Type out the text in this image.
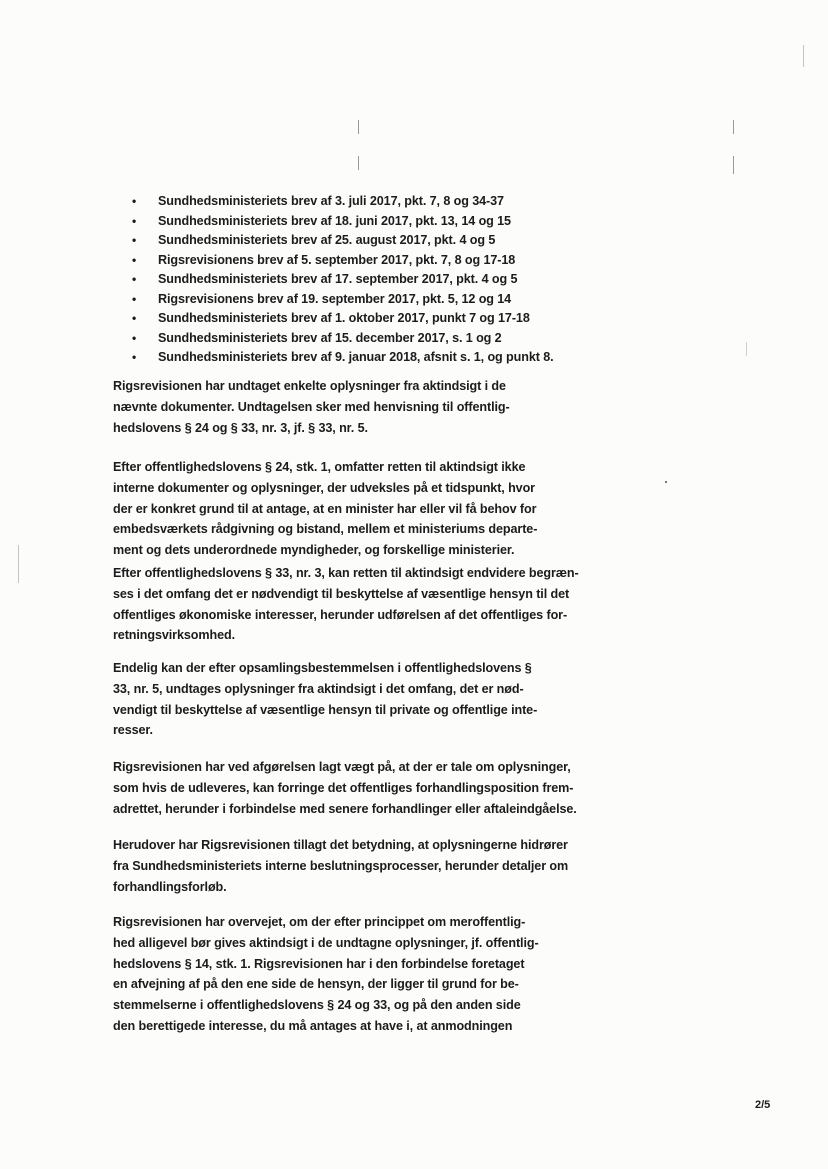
• Sundhedsministeriets brev af 3. juli 2017, pkt. 7, 8 og 34-37
• Sundhedsministeriets brev af 18. juni 2017, pkt. 13, 14 og 15
• Sundhedsministeriets brev af 25. august 2017, pkt. 4 og 5
• Rigsrevisionens brev af 5. september 2017, pkt. 7, 8 og 17-18
• Sundhedsministeriets brev af 17. september 2017, pkt. 4 og 5
• Rigsrevisionens brev af 19. september 2017, pkt. 5, 12 og 14
• Sundhedsministeriets brev af 1. oktober 2017, punkt 7 og 17-18
• Sundhedsministeriets brev af 15. december 2017, s. 1 og 2
• Sundhedsministeriets brev af 9. januar 2018, afsnit s. 1, og punkt 8.
Rigsrevisionen har undtaget enkelte oplysninger fra aktindsigt i de
nævnte dokumenter. Undtagelsen sker med henvisning til offentlig-
hedslovens § 24 og § 33, nr. 3, jf. § 33, nr. 5.
Efter offentlighedslovens § 24, stk. 1, omfatter retten til aktindsigt ikke
interne dokumenter og oplysninger, der udveksles på et tidspunkt, hvor
der er konkret grund til at antage, at en minister har eller vil få behov for
embedsværkets rådgivning og bistand, mellem et ministeriums departe-
ment og dets underordnede myndigheder, og forskellige ministerier.
Efter offentlighedslovens § 33, nr. 3, kan retten til aktindsigt endvidere begræn-
ses i det omfang det er nødvendigt til beskyttelse af væsentlige hensyn til det
offentliges økonomiske interesser, herunder udførelsen af det offentliges for-
retningsvirksomhed.
Endelig kan der efter opsamlingsbestemmelsen i offentlighedslovens §
33, nr. 5, undtages oplysninger fra aktindsigt i det omfang, det er nød-
vendigt til beskyttelse af væsentlige hensyn til private og offentlige inte-
resser.
Rigsrevisionen har ved afgørelsen lagt vægt på, at der er tale om oplysninger,
som hvis de udleveres, kan forringe det offentliges forhandlingsposition frem-
adrettet, herunder i forbindelse med senere forhandlinger eller aftaleindgåelse.
Herudover har Rigsrevisionen tillagt det betydning, at oplysningerne hidrører
fra Sundhedsministeriets interne beslutningsprocesser, herunder detaljer om
forhandlingsforløb.
Rigsrevisionen har overvejet, om der efter princippet om meroffentlig-
hed alligevel bør gives aktindsigt i de undtagne oplysninger, jf. offentlig-
hedslovens § 14, stk. 1. Rigsrevisionen har i den forbindelse foretaget
en afvejning af på den ene side de hensyn, der ligger til grund for be-
stemmelserne i offentlighedslovens § 24 og 33, og på den anden side
den berettigede interesse, du må antages at have i, at anmodningen
2/5
